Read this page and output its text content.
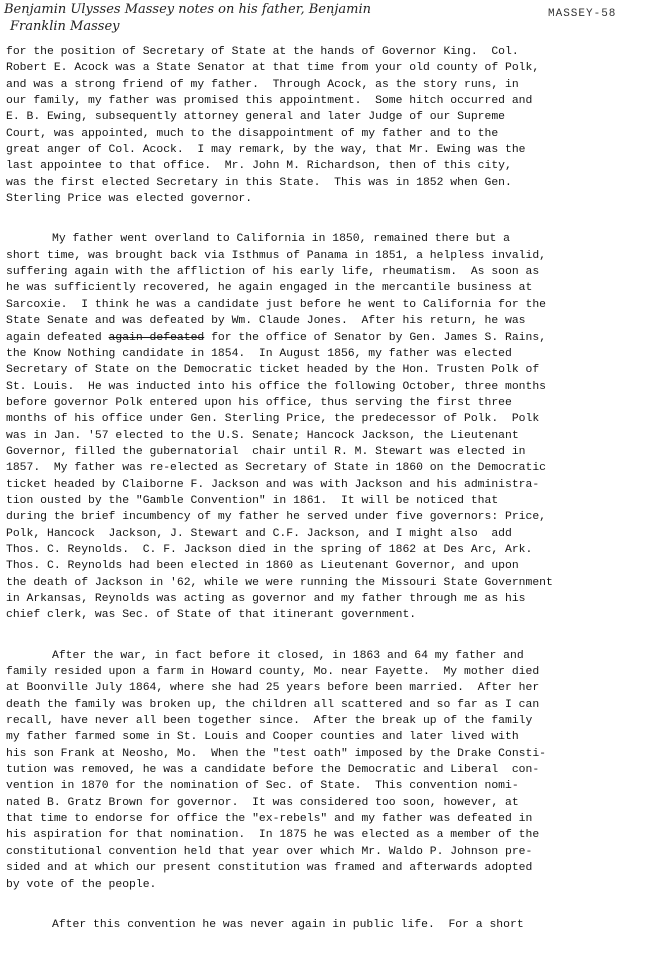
Benjamin Ulysses Massey notes on his father, Benjamin
Franklin Massey
MASSEY-58
for the position of Secretary of State at the hands of Governor King.  Col.
Robert E. Acock was a State Senator at that time from your old county of Polk,
and was a strong friend of my father.  Through Acock, as the story runs, in
our family, my father was promised this appointment.  Some hitch occurred and
E. B. Ewing, subsequently attorney general and later Judge of our Supreme
Court, was appointed, much to the disappointment of my father and to the
great anger of Col. Acock.  I may remark, by the way, that Mr. Ewing was the
last appointee to that office.  Mr. John M. Richardson, then of this city,
was the first elected Secretary in this State.  This was in 1852 when Gen.
Sterling Price was elected governor.
My father went overland to California in 1850, remained there but a
short time, was brought back via Isthmus of Panama in 1851, a helpless invalid,
suffering again with the affliction of his early life, rheumatism.  As soon as
he was sufficiently recovered, he again engaged in the mercantile business at
Sarcoxie.  I think he was a candidate just before he went to California for the
State Senate and was defeated by Wm. Claude Jones.  After his return, he was
again defeated again defeated for the office of Senator by Gen. James S. Rains,
the Know Nothing candidate in 1854.  In August 1856, my father was elected
Secretary of State on the Democratic ticket headed by the Hon. Trusten Polk of
St. Louis.  He was inducted into his office the following October, three months
before governor Polk entered upon his office, thus serving the first three
months of his office under Gen. Sterling Price, the predecessor of Polk.  Polk
was in Jan. '57 elected to the U.S. Senate; Hancock Jackson, the Lieutenant
Governor, filled the gubernatorial  chair until R. M. Stewart was elected in
1857.  My father was re-elected as Secretary of State in 1860 on the Democratic
ticket headed by Claiborne F. Jackson and was with Jackson and his administra-
tion ousted by the "Gamble Convention" in 1861.  It will be noticed that
during the brief incumbency of my father he served under five governors: Price,
Polk, Hancock  Jackson, J. Stewart and C.F. Jackson, and I might also  add
Thos. C. Reynolds.  C. F. Jackson died in the spring of 1862 at Des Arc, Ark.
Thos. C. Reynolds had been elected in 1860 as Lieutenant Governor, and upon
the death of Jackson in '62, while we were running the Missouri State Government
in Arkansas, Reynolds was acting as governor and my father through me as his
chief clerk, was Sec. of State of that itinerant government.
After the war, in fact before it closed, in 1863 and 64 my father and
family resided upon a farm in Howard county, Mo. near Fayette.  My mother died
at Boonville July 1864, where she had 25 years before been married.  After her
death the family was broken up, the children all scattered and so far as I can
recall, have never all been together since.  After the break up of the family
my father farmed some in St. Louis and Cooper counties and later lived with
his son Frank at Neosho, Mo.  When the "test oath" imposed by the Drake Consti-
tution was removed, he was a candidate before the Democratic and Liberal  con-
vention in 1870 for the nomination of Sec. of State.  This convention nomi-
nated B. Gratz Brown for governor.  It was considered too soon, however, at
that time to endorse for office the "ex-rebels" and my father was defeated in
his aspiration for that nomination.  In 1875 he was elected as a member of the
constitutional convention held that year over which Mr. Waldo P. Johnson pre-
sided and at which our present constitution was framed and afterwards adopted
by vote of the people.
After this convention he was never again in public life.  For a short
